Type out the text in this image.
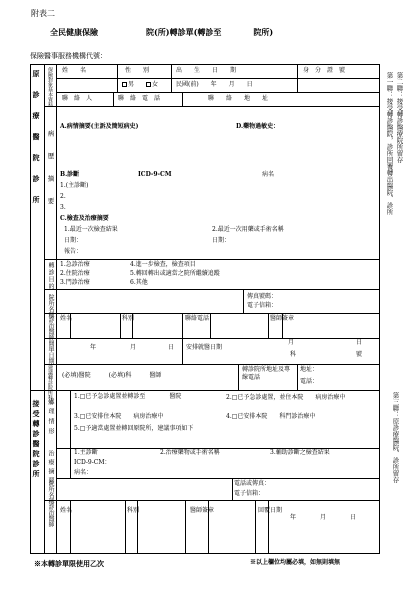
附表二
全民健康保險　　　　　　院(所)轉診單(轉診至　　　　院所)
保險醫事服務機構代號：
第二聯：接受轉診醫療院所留存
第一聯：接受轉診醫院，診所回覆轉出醫院、診所
第三聯：原診療醫院、診所留存
原診療醫院診所
接受轉診醫院診所
保險對象基本資料 姓　　名	性　　別	出　　生　　日　　期	身　分　證　號
男	女	民國(前)　　年　　月　　日
聯　絡　人	聯　絡　電　話	聯　　絡　　地　　址
病歷摘要
A.病情摘要(主訴及簡短病史)	D.藥物過敏史：
B.診斷	ICD-9-CM	病名
1.(主診斷)
2.
3.
C.檢查及治療摘要
1.最近一次檢查結果	2.最近一次用藥或手術名稱
日期：	日期：
報告：
轉診目的 1.急診治療
2.住院治療
3.門診治療
4.進一步檢查，檢查項目
5.轉回轉出或適當之院所繼續追蹤
6.其他
院所名稱	傳真號碼：
電子信箱：
診治醫師 姓名	科別	聯絡電話	醫師簽章
開單日期	年	月	日 安排就醫日期
月	日
科	號
建議轉診院所科別 (必填)醫院　　　(必填)科　　　醫師
轉診院所地址及專線電話
地址：
電話：
處理情形
1.□已予急診處置並轉診至　　　　醫院	2.□已予急診處置，並住本院　　病房治療中
3.□已安排住本院　　病房治療中	4.□已安排本院　　科門診治療中
5.□予適當處置並轉回原院所，建議事項如下
治療摘要	1.主診斷	2.治療藥物或手術名稱	3.輔助診斷之檢查結果
ICD-9-CM：
病名：
院所名稱	電話或傳真：
電子信箱：
診治醫師 姓名	科別	醫師簽章	回覆日期
年	月	日
※本轉診單限使用乙次	※以上欄位均屬必填，如無則填無
